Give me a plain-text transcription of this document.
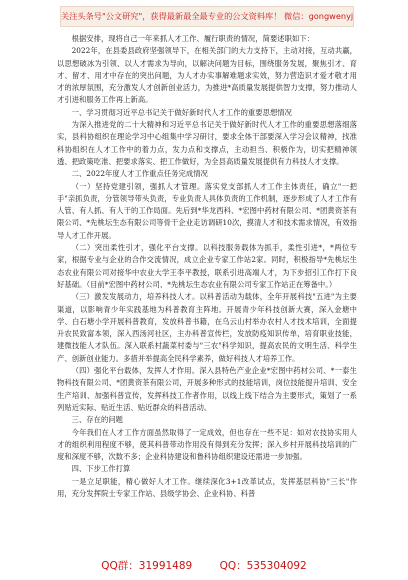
关注头条号"公文研究"，获得最新最全最专业的公文资料库！ 微信：gongwenyj

根据安排，现将自己一年来抓人才工作、履行职责的情况，简要述职如下：

2022年，在县委县政府坚强领导下，在相关部门的大力支持下，主动对接，互动共赢，以思想破冰为引领、以人才需求为导向，以解决问题为目标，围绕服务发展，聚焦引才、育才、留才、用才中存在的突出问题，为人才办实事解难题求实效，努力营造识才爱才敬才用才的浓厚氛围，充分激发人才创新创业活力，为推进*高质量发展提供智力支撑，努力推动人才引进和服务工作再上新高。

一、学习贯彻习近平总书记关于做好新时代人才工作的重要思想情况

为深入推进党的二十大精神和习近平总书记关于做好新时代人才工作的重要思想落细落实，县科协组织在理论学习中心组集中学习研讨，要求全体干部要深入学习会议精神，找准科协组织在人才工作中的着力点，发力点和支撑点，主动担当、积极作为，切实把精神领透、把政策吃准、把要求落实、把工作做好，为全县高质量发展提供有力科技人才支撑。

二、2022年度人才工作重点任务完成情况

（一）坚持党建引领，强抓人才管理。落实党支部抓人才工作主体责任，确立"一把手"亲抓负责，分管领导带头负责，专业负责人具体负责的工作机制，逐步形成了人才工作有人管、有人抓、有人干的工作局面。先后到*华龙西科、*宏图中药材有限公司、*团黄资茶有限公司、*先桃坛生态有限公司等骨干企业走访调研10次，摸清人才和技术需求情况，有效指导人才工作开展。

（二）突出柔性引才，强化平台支撑。以科技服务载体为抓手，柔性引进*，*两位专家，根据专业与企业的合作交流情况，成立企业专家工作站2家。同时，积极指导*先桃坛生态农业有限公司对接华中农业大学王李平教授，联系引进高端人才，为下步招引工作打下良好基础。（目前*宏图中药材公司、*先桃坛生态农业有限公司专家工作站正在筹备中。）

（三）激发发展动力，培养科技人才。以科普活动为载体，全年开展科技"五进"为主要渠道，以影响青少年实践基地为科普教育主阵地。开展青少年科技创新大赛，深入金塘中学、白石塘小学开展科普教育，发放科普书籍，在乌云山村举办农村人才技术培训，全面提升农民致富本领，深入西汤河社区，主办科普宣传栏，发放防疫知识传单，培育职业技能，建微技能人才队伍。深入联系村蔬菜村委与"三农"科学知识，提高农民的文明生活、科学生产、创新创业能力。多措并举提高全民科学素养，做好科技人才培养工作。

（四）强化平台载体，发挥人才作用。深入县特色产业企业*宏图中药材公司、*一泰生物科技有限公司、*团黄资茶有限公司，开展多种形式的技能培训，岗位技能提升培训、安全生产培训、加强科普宣传，发挥科技工作者作用，以线上线下结合为主要形式，策划了一系列贴近实际、贴近生活、贴近群众的科普活动。

三、存在的问题

今年我们在人才工作方面虽然取得了一定成效，但也存在一些不足：如对农技协实用人才的组织利用程度不够，使其科普带动作用没有得到充分发挥；深入乡村开展科技培训的广度和深度不够，次数不多；企业科协建设和鲁科协组织建设还需进一步加强。

四、下步工作打算

一是立足职能，精心做好人才工作。继续深化3+1改革试点，发挥基层科协"三长"作用，充分发挥院士专家工作站、县级学协会、企业科协、科普

QQ群：31991489	QQ：535304092
